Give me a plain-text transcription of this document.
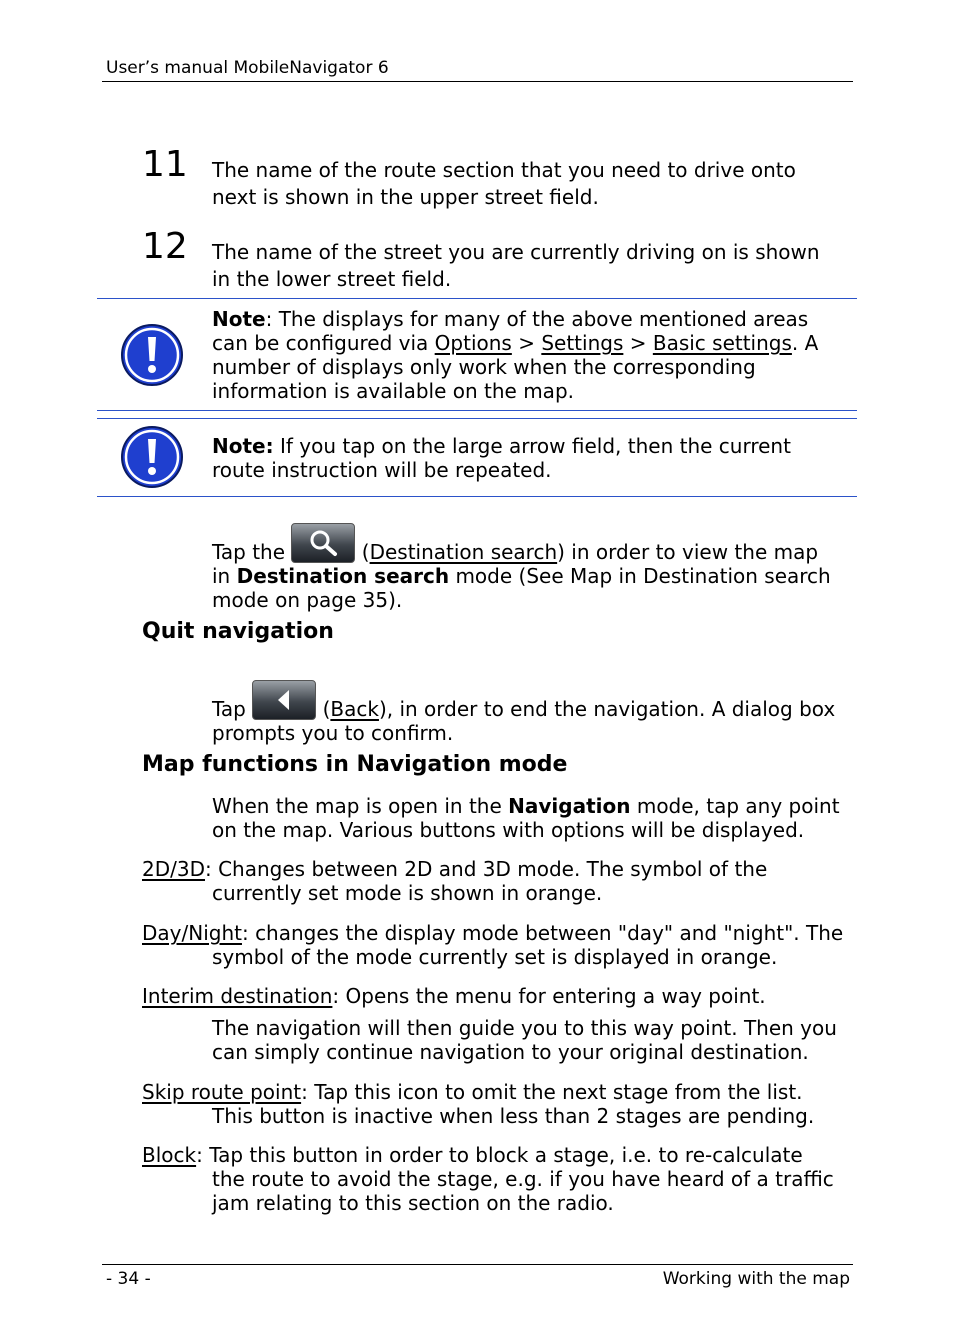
User’s manual MobileNavigator 6
11 The name of the route section that you need to drive onto
next is shown in the upper street field.
12 The name of the street you are currently driving on is shown
in the lower street field.
Note: The displays for many of the above mentioned areas
can be configured via Options > Settings > Basic settings. A
number of displays only work when the corresponding
information is available on the map.
Note: If you tap on the large arrow field, then the current
route instruction will be repeated.
Tap the	(Destination search) in order to view the map
in Destination search mode (See Map in Destination search
mode on page 35).
Quit navigation
Tap	(Back), in order to end the navigation. A dialog box
prompts you to confirm.
Map functions in Navigation mode
When the map is open in the Navigation mode, tap any point
on the map. Various buttons with options will be displayed.
2D/3D: Changes between 2D and 3D mode. The symbol of the
currently set mode is shown in orange.
Day/Night: changes the display mode between "day" and "night". The
symbol of the mode currently set is displayed in orange.
Interim destination: Opens the menu for entering a way point.
The navigation will then guide you to this way point. Then you
can simply continue navigation to your original destination.
Skip route point: Tap this icon to omit the next stage from the list.
This button is inactive when less than 2 stages are pending.
Block: Tap this button in order to block a stage, i.e. to re-calculate
the route to avoid the stage, e.g. if you have heard of a traffic
jam relating to this section on the radio.
- 34 -	Working with the map
